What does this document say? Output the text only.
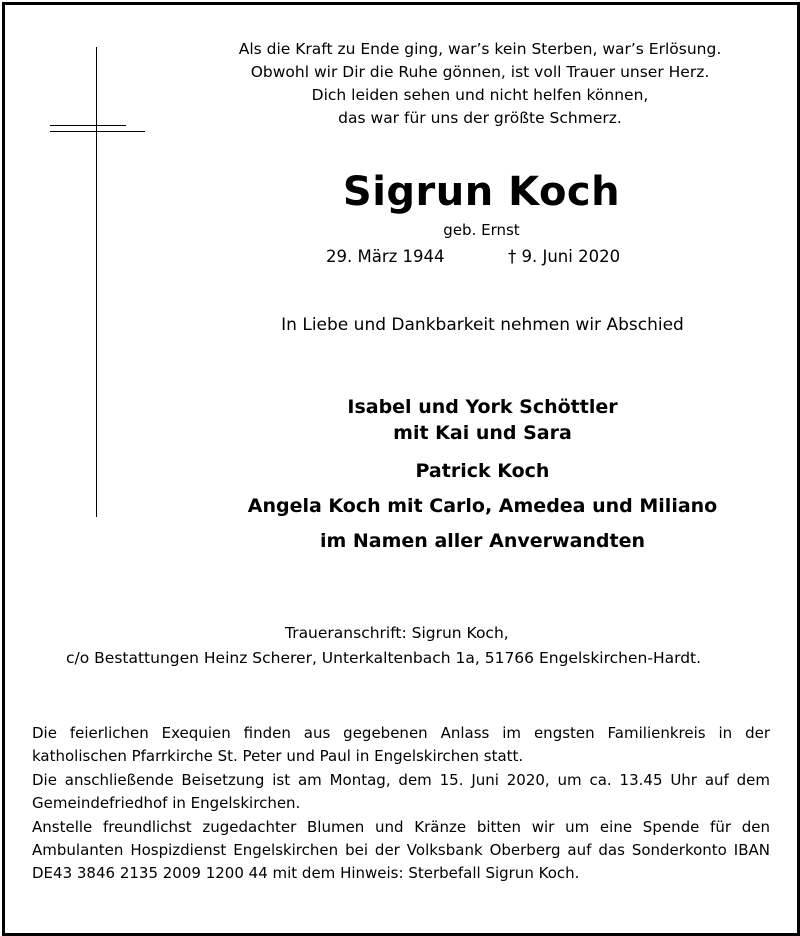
Als die Kraft zu Ende ging, war’s kein Sterben, war’s Erlösung.
Obwohl wir Dir die Ruhe gönnen, ist voll Trauer unser Herz.
Dich leiden sehen und nicht helfen können,
das war für uns der größte Schmerz.
Sigrun Koch
geb. Ernst
29. März 1944	† 9. Juni 2020
In Liebe und Dankbarkeit nehmen wir Abschied
Isabel und York Schöttler
mit Kai und Sara
Patrick Koch
Angela Koch mit Carlo, Amedea und Miliano
im Namen aller Anverwandten
Traueranschrift: Sigrun Koch,
c/o Bestattungen Heinz Scherer, Unterkaltenbach 1a, 51766 Engelskirchen-Hardt.

Die feierlichen Exequien finden aus gegebenen Anlass im engsten Familienkreis in der katholischen Pfarrkirche St. Peter und Paul in Engelskirchen statt.

Die anschließende Beisetzung ist am Montag, dem 15. Juni 2020, um ca. 13.45 Uhr auf dem Gemeindefriedhof in Engelskirchen.

Anstelle freundlichst zugedachter Blumen und Kränze bitten wir um eine Spende für den Ambulanten Hospizdienst Engelskirchen bei der Volksbank Oberberg auf das Sonderkonto IBAN DE43 3846 2135 2009 1200 44 mit dem Hinweis: Sterbefall Sigrun Koch.
